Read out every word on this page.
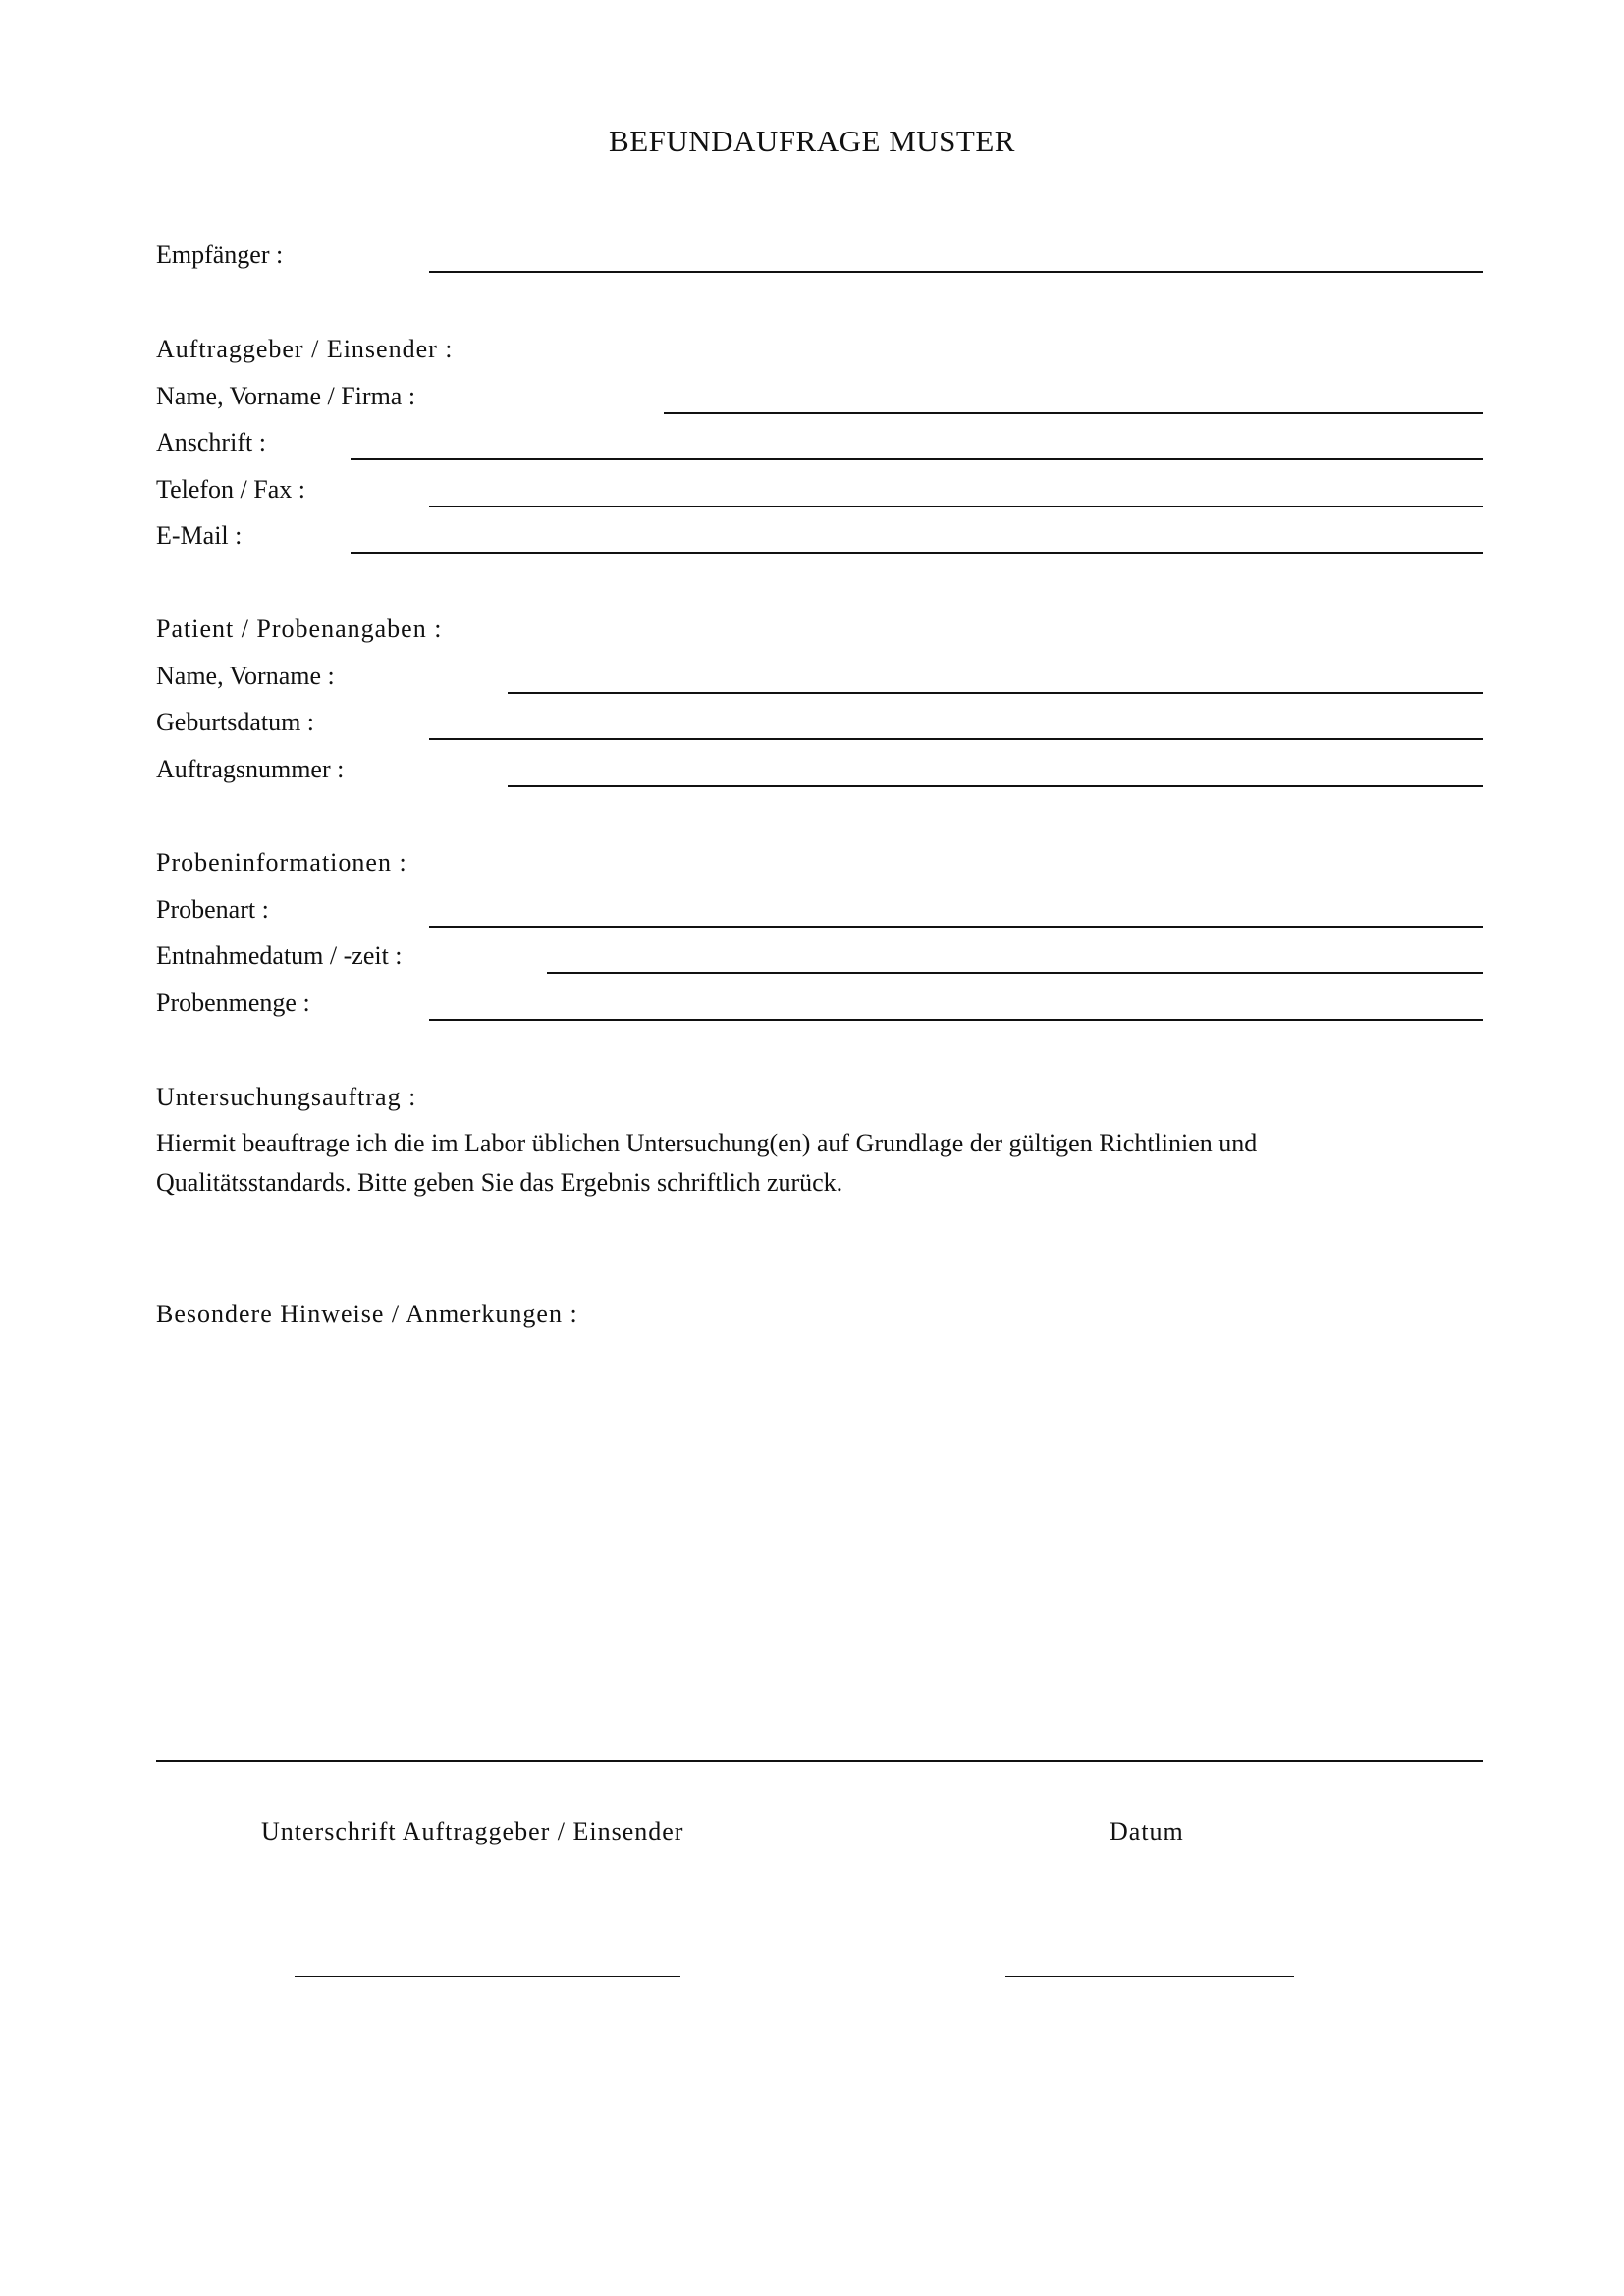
BEFUNDAUFRAGE MUSTER
Empfänger :
Auftraggeber / Einsender :
Name, Vorname / Firma :
Anschrift :
Telefon / Fax :
E-Mail :
Patient / Probenangaben :
Name, Vorname :
Geburtsdatum :
Auftragsnummer :
Probeninformationen :
Probenart :
Entnahmedatum / -zeit :
Probenmenge :
Untersuchungsauftrag :
Hiermit beauftrage ich die im Labor üblichen Untersuchung(en) auf Grundlage der gültigen Richtlinien und
Qualitätsstandards. Bitte geben Sie das Ergebnis schriftlich zurück.
Besondere Hinweise / Anmerkungen :
Unterschrift Auftraggeber / Einsender	Datum
